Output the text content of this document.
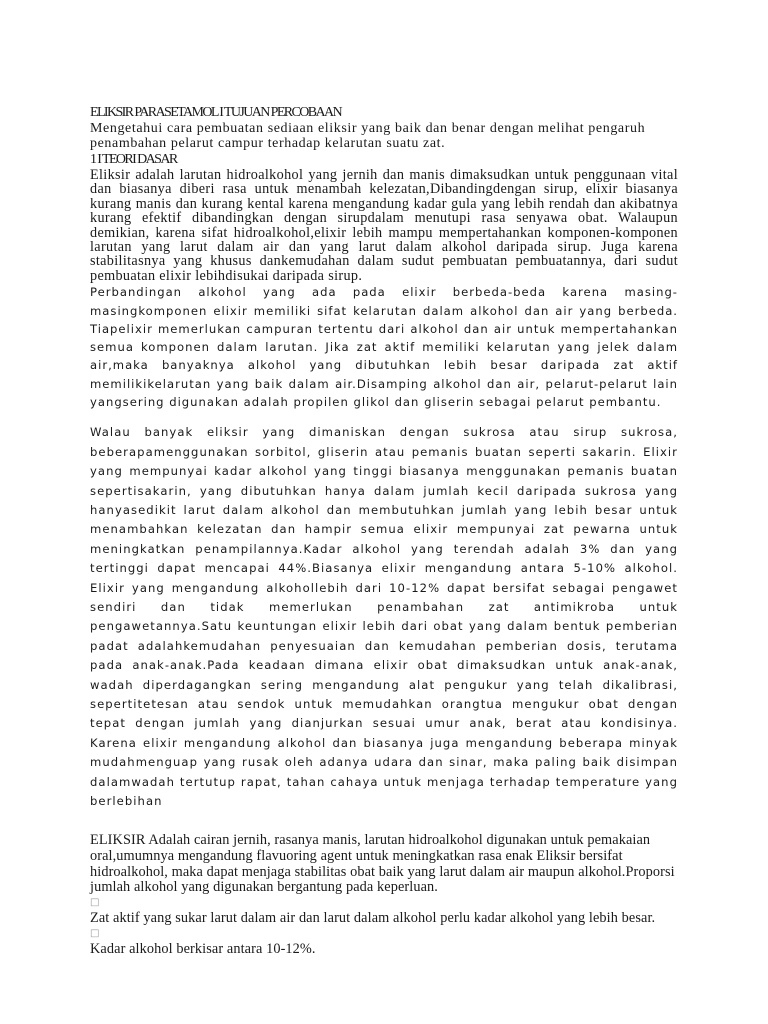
ELIKSIR PARASETAMOL I TUJUAN PERCOBAAN

Mengetahui cara pembuatan sediaan eliksir yang baik dan benar dengan melihat pengaruh penambahan pelarut campur terhadap kelarutan suatu zat.

1 I TEORI DASAR

Eliksir adalah larutan hidroalkohol yang jernih dan manis dimaksudkan untuk penggunaan vital dan biasanya diberi rasa untuk menambah kelezatan,Dibandingdengan sirup, elixir biasanya kurang manis dan kurang kental karena mengandung kadar gula yang lebih rendah dan akibatnya kurang efektif dibandingkan dengan sirupdalam menutupi rasa senyawa obat. Walaupun demikian, karena sifat hidroalkohol,elixir lebih mampu mempertahankan komponen-komponen larutan yang larut dalam air dan yang larut dalam alkohol daripada sirup. Juga karena stabilitasnya yang khusus dankemudahan dalam sudut pembuatan pembuatannya, dari sudut pembuatan elixir lebihdisukai daripada sirup.

Perbandingan alkohol yang ada pada elixir berbeda-beda karena masing-masingkomponen elixir memiliki sifat kelarutan dalam alkohol dan air yang berbeda. Tiapelixir memerlukan campuran tertentu dari alkohol dan air untuk mempertahankan semua komponen dalam larutan. Jika zat aktif memiliki kelarutan yang jelek dalam air,maka banyaknya alkohol yang dibutuhkan lebih besar daripada zat aktif memilikikelarutan yang baik dalam air.Disamping alkohol dan air, pelarut-pelarut lain yangsering digunakan adalah propilen glikol dan gliserin sebagai pelarut pembantu.

Walau banyak eliksir yang dimaniskan dengan sukrosa atau sirup sukrosa, beberapamenggunakan sorbitol, gliserin atau pemanis buatan seperti sakarin. Elixir yang mempunyai kadar alkohol yang tinggi biasanya menggunakan pemanis buatan sepertisakarin, yang dibutuhkan hanya dalam jumlah kecil daripada sukrosa yang hanyasedikit larut dalam alkohol dan membutuhkan jumlah yang lebih besar untuk menambahkan kelezatan dan hampir semua elixir mempunyai zat pewarna untuk meningkatkan penampilannya.Kadar alkohol yang terendah adalah 3% dan yang tertinggi dapat mencapai 44%.Biasanya elixir mengandung antara 5-10% alkohol. Elixir yang mengandung alkohollebih dari 10-12% dapat bersifat sebagai pengawet sendiri dan tidak memerlukan penambahan zat antimikroba untuk pengawetannya.Satu keuntungan elixir lebih dari obat yang dalam bentuk pemberian padat adalahkemudahan penyesuaian dan kemudahan pemberian dosis, terutama pada anak-anak.Pada keadaan dimana elixir obat dimaksudkan untuk anak-anak, wadah diperdagangkan sering mengandung alat pengukur yang telah dikalibrasi, sepertitetesan atau sendok untuk memudahkan orangtua mengukur obat dengan tepat dengan jumlah yang dianjurkan sesuai umur anak, berat atau kondisinya. Karena elixir mengandung alkohol dan biasanya juga mengandung beberapa minyak mudahmenguap yang rusak oleh adanya udara dan sinar, maka paling baik disimpan dalamwadah tertutup rapat, tahan cahaya untuk menjaga terhadap temperature yang berlebihan

ELIKSIR Adalah cairan jernih, rasanya manis, larutan hidroalkohol digunakan untuk pemakaian oral,umumnya mengandung flavuoring agent untuk meningkatkan rasa enak Eliksir bersifat hidroalkohol, maka dapat menjaga stabilitas obat baik yang larut dalam air maupun alkohol.Proporsi jumlah alkohol yang digunakan bergantung pada keperluan.

□

Zat aktif yang sukar larut dalam air dan larut dalam alkohol perlu kadar alkohol yang lebih besar.

□

Kadar alkohol berkisar antara 10-12%.
